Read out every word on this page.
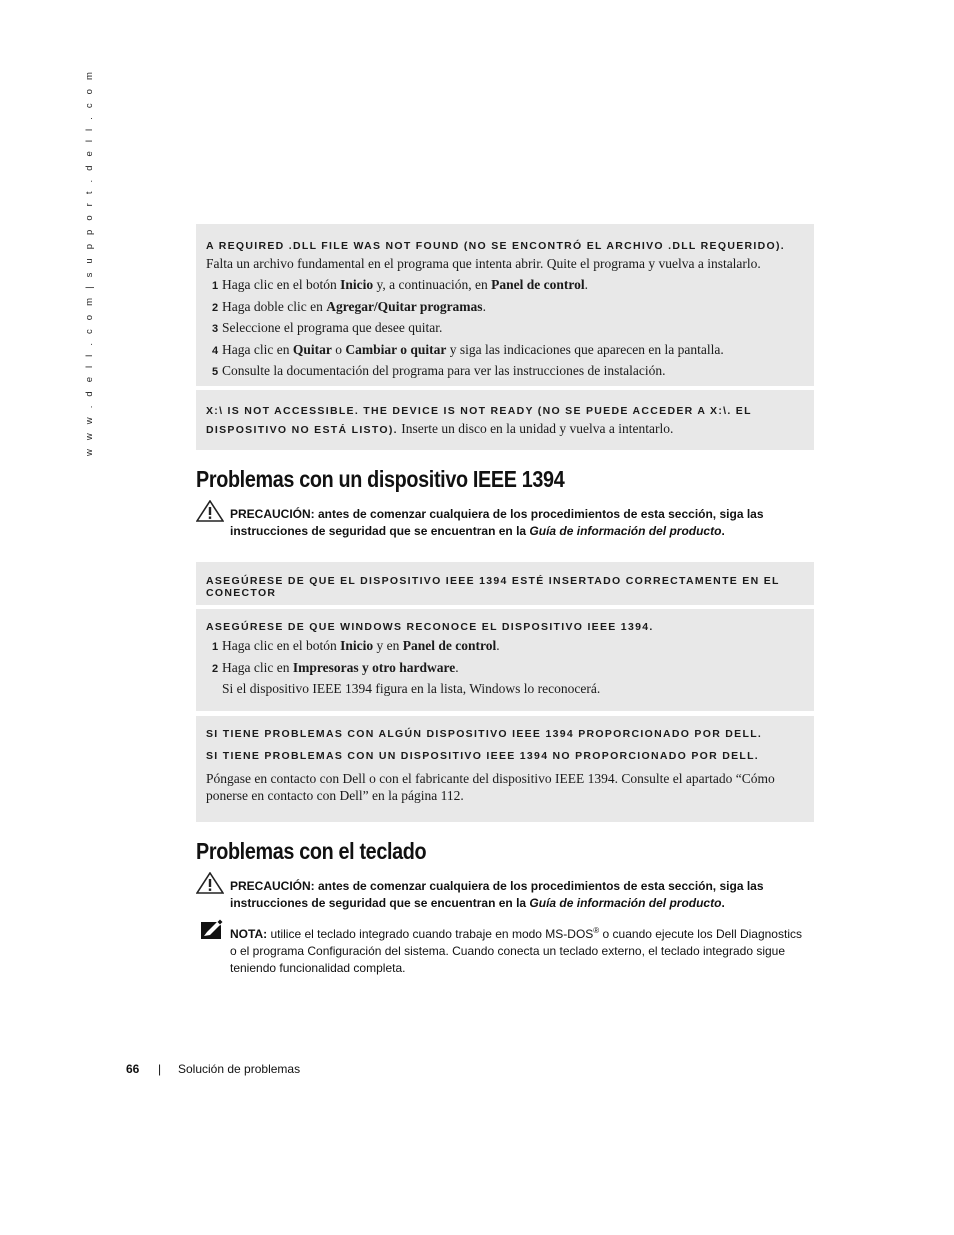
w w w . d e l l . c o m | s u p p o r t . d e l l . c o m	A REQUIRED .DLL FILE WAS NOT FOUND (NO SE ENCONTRÓ EL ARCHIVO .DLL REQUERIDO). Falta un archivo fundamental en el programa que intenta abrir. Quite el programa y vuelva a instalarlo.
1 Haga clic en el botón Inicio y, a continuación, en Panel de control.
2 Haga doble clic en Agregar/Quitar programas.
3 Seleccione el programa que desee quitar.
4 Haga clic en Quitar o Cambiar o quitar y siga las indicaciones que aparecen en la pantalla.
5 Consulte la documentación del programa para ver las instrucciones de instalación.
X:\ IS NOT ACCESSIBLE. THE DEVICE IS NOT READY (NO SE PUEDE ACCEDER A X:\. EL DISPOSITIVO NO ESTÁ LISTO). Inserte un disco en la unidad y vuelva a intentarlo.
Problemas con un dispositivo IEEE 1394
PRECAUCIÓN: antes de comenzar cualquiera de los procedimientos de esta sección, siga las instrucciones de seguridad que se encuentran en la Guía de información del producto.
ASEGÚRESE DE QUE EL DISPOSITIVO IEEE 1394 ESTÉ INSERTADO CORRECTAMENTE EN EL CONECTOR
ASEGÚRESE DE QUE WINDOWS RECONOCE EL DISPOSITIVO IEEE 1394.
1 Haga clic en el botón Inicio y en Panel de control.
2 Haga clic en Impresoras y otro hardware.
Si el dispositivo IEEE 1394 figura en la lista, Windows lo reconocerá.
SI TIENE PROBLEMAS CON ALGÚN DISPOSITIVO IEEE 1394 PROPORCIONADO POR DELL.
SI TIENE PROBLEMAS CON UN DISPOSITIVO IEEE 1394 NO PROPORCIONADO POR DELL.
Póngase en contacto con Dell o con el fabricante del dispositivo IEEE 1394. Consulte el apartado “Cómo ponerse en contacto con Dell” en la página 112.
Problemas con el teclado
PRECAUCIÓN: antes de comenzar cualquiera de los procedimientos de esta sección, siga las instrucciones de seguridad que se encuentran en la Guía de información del producto.
NOTA: utilice el teclado integrado cuando trabaje en modo MS-DOS® o cuando ejecute los Dell Diagnostics o el programa Configuración del sistema. Cuando conecta un teclado externo, el teclado integrado sigue teniendo funcionalidad completa.
66 | Solución de problemas
